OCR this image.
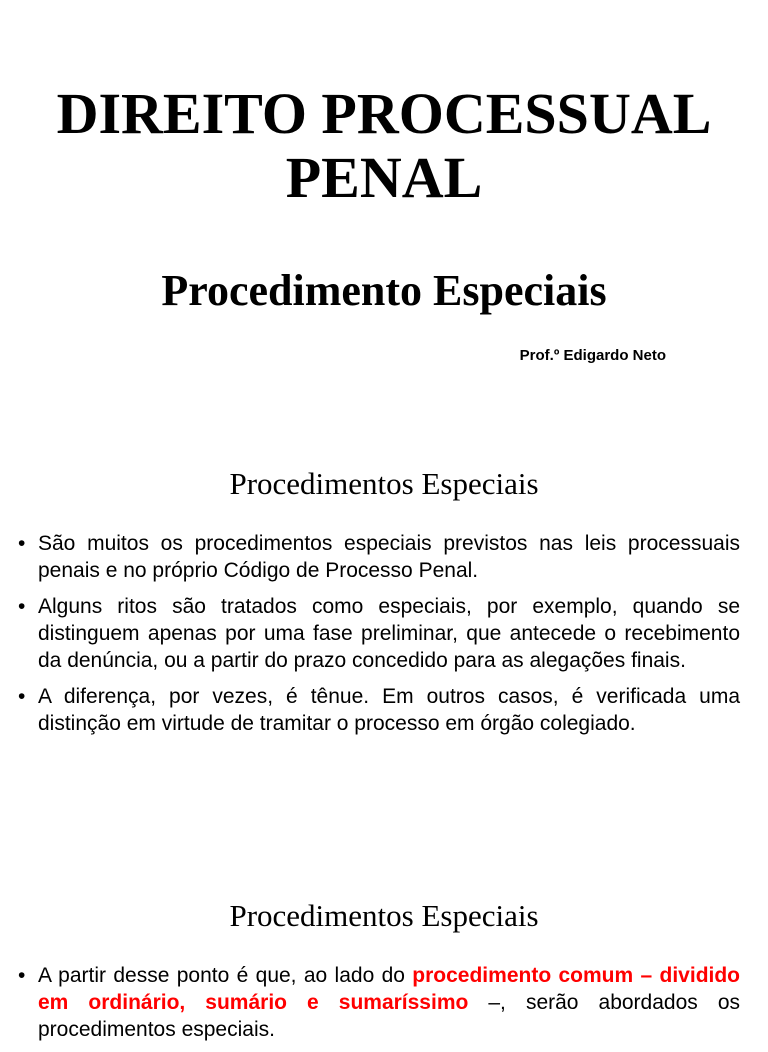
DIREITO PROCESSUAL PENAL
Procedimento Especiais
Prof.º Edigardo Neto
Procedimentos Especiais
• São muitos os procedimentos especiais previstos nas leis processuais penais e no próprio Código de Processo Penal.
• Alguns ritos são tratados como especiais, por exemplo, quando se distinguem apenas por uma fase preliminar, que antecede o recebimento da denúncia, ou a partir do prazo concedido para as alegações finais.
• A diferença, por vezes, é tênue. Em outros casos, é verificada uma distinção em virtude de tramitar o processo em órgão colegiado.
Procedimentos Especiais
• A partir desse ponto é que, ao lado do procedimento comum – dividido em ordinário, sumário e sumaríssimo –, serão abordados os procedimentos especiais.
